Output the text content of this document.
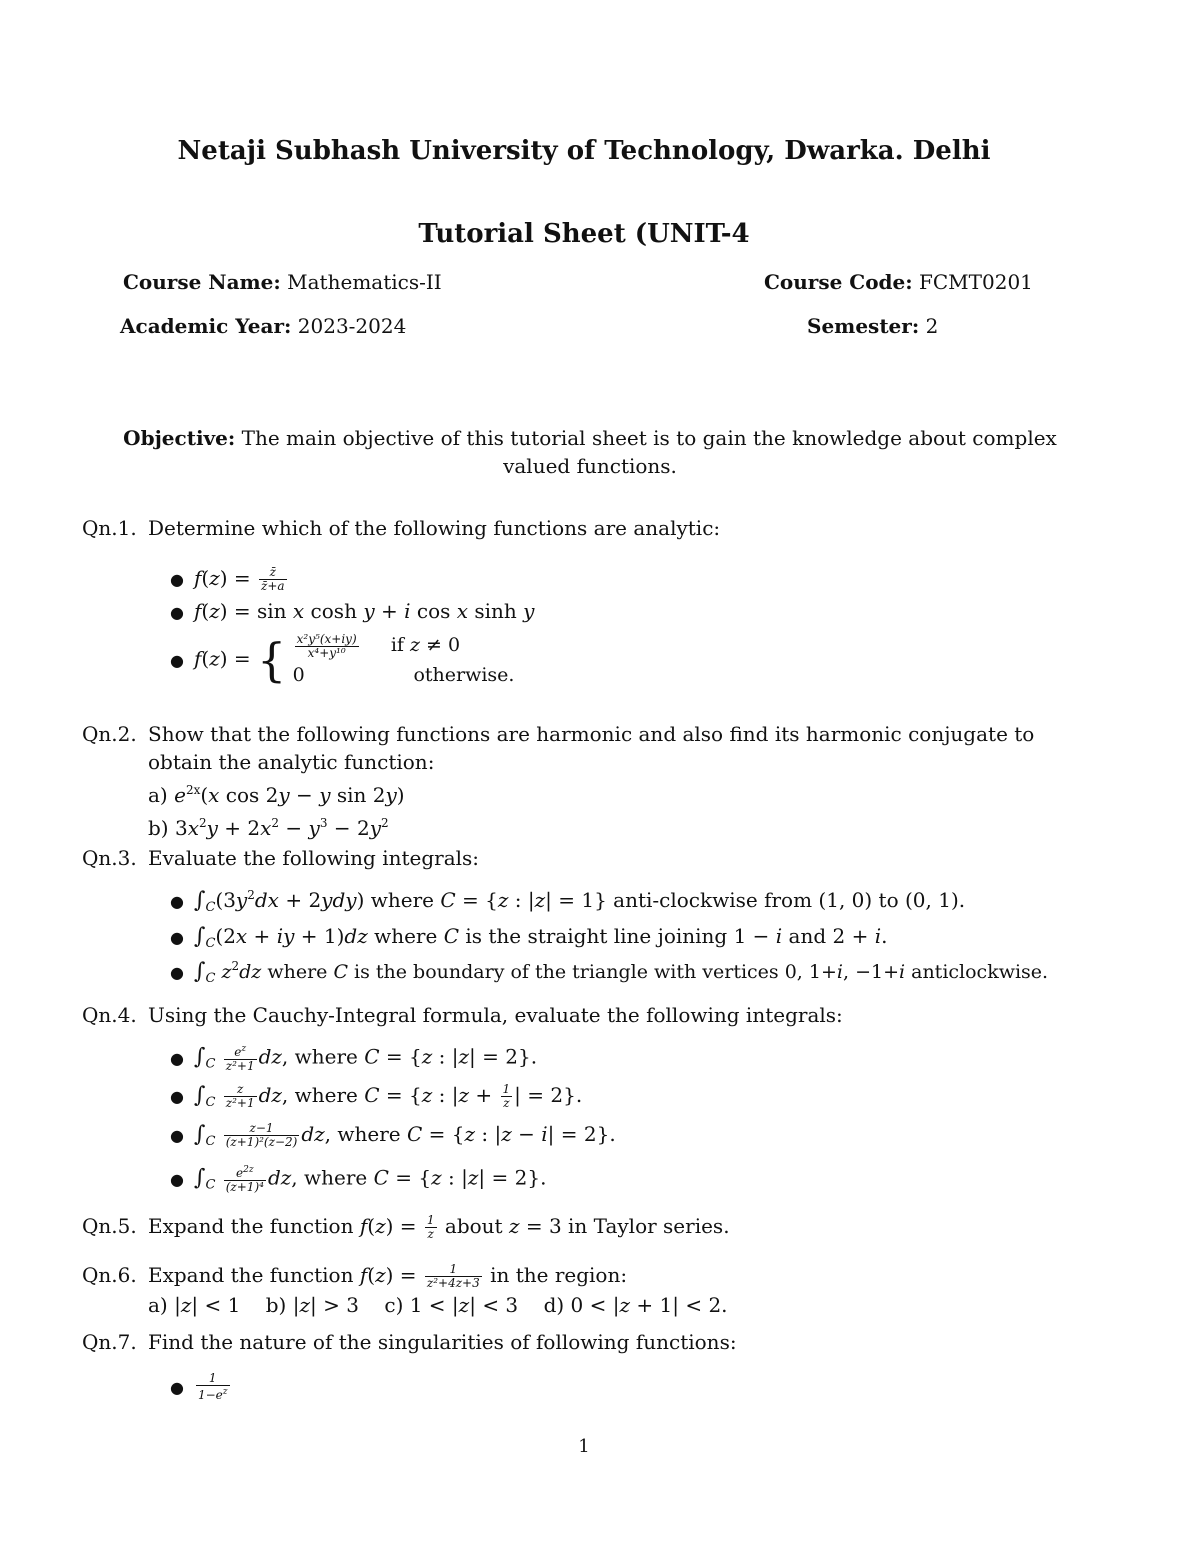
Netaji Subhash University of Technology, Dwarka. Delhi
Tutorial Sheet (UNIT-4
Course Name: Mathematics-II	Course Code: FCMT0201
Academic Year: 2023-2024	Semester: 2
Objective: The main objective of this tutorial sheet is to gain the knowledge about complex valued functions.
Qn.1. Determine which of the following functions are analytic:
● $f(z) = \frac{z̄}{z̄+a}$
● f(z) = sin x cosh y + i cos x sinh y
● f(z) = { $\frac{\text{x²y⁵(x+iy)}}{\text{x⁴+y¹⁰}}$ if z ≠ 0
0                  otherwise.
Qn.2. Show that the following functions are harmonic and also find its harmonic conjugate to obtain the analytic function:
a) $e^{2x}(x$ cos 2y − y sin 2y)
b) $3x^2y + 2x^2 - y^3 - 2y^2$
Qn.3. Evaluate the following integrals:
● $\int_C(3y^2dx + 2ydy)$ where C = {z : |z| = 1} anti-clockwise from (1, 0) to (0, 1).
● $\int_C(2x$ + iy + 1)dz where C is the straight line joining 1 − i and 2 + i.
● $\int_C$ $z^2dz$ where C is the boundary of the triangle with vertices 0, 1+i, −1+i anticlockwise.
Qn.4. Using the Cauchy-Integral formula, evaluate the following integrals:
● $\int_C \frac{e^z}{\text{z²+1}}$ dz, where C = {z : |z| = 2}.
● $\int_C \frac{z}{\text{z²+1}}$ dz, where C = {z : $|z + \frac{1}{z}$ | = 2}.
● $\int_C \frac{z-1}{\text{(z+1)²(z−2)}}$ dz, where C = {z : |z − i| = 2}.
● $\int_C \frac{e^{2z}}{\text{(z+1)⁴}}$ dz, where C = {z : |z| = 2}.
Qn.5. Expand the function $f(z) = \frac{1}{z}$ about z = 3 in Taylor series.
Qn.6. Expand the function $f(z) = \frac{1}{\text{z²+4z+3}}$ in the region:
a) |z| < 1    b) |z| > 3    c) 1 < |z| < 3    d) 0 < |z + 1| < 2.
Qn.7. Find the nature of the singularities of following functions:
● $\frac{1}{1-e^z}$
1
